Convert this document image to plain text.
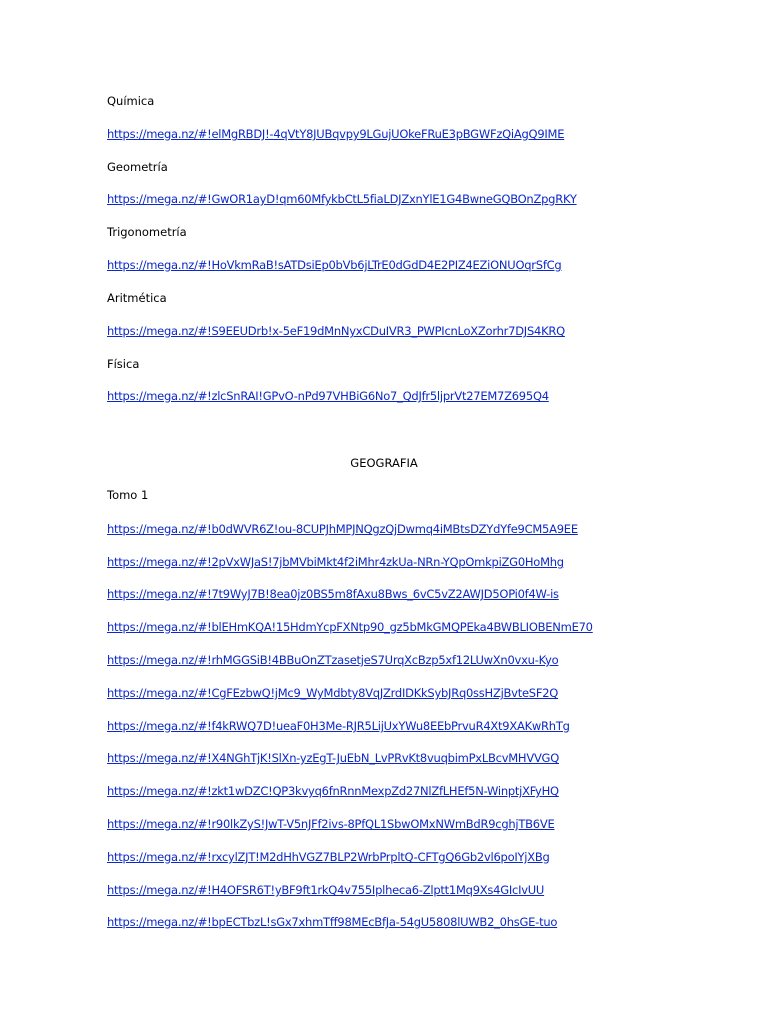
Química
https://mega.nz/#!elMgRBDJ!-4qVtY8JUBqvpy9LGujUOkeFRuE3pBGWFzQiAgQ9IME
Geometría
https://mega.nz/#!GwOR1ayD!qm60MfykbCtL5fiaLDJZxnYlE1G4BwneGQBOnZpgRKY
Trigonometría
https://mega.nz/#!HoVkmRaB!sATDsiEp0bVb6jLTrE0dGdD4E2PIZ4EZiONUOqrSfCg
Aritmética
https://mega.nz/#!S9EEUDrb!x-5eF19dMnNyxCDuIVR3_PWPIcnLoXZorhr7DJS4KRQ
Física
https://mega.nz/#!zlcSnRAI!GPvO-nPd97VHBiG6No7_QdJfr5ljprVt27EM7Z695Q4
GEOGRAFIA
Tomo 1
https://mega.nz/#!b0dWVR6Z!ou-8CUPJhMPJNQgzQjDwmq4iMBtsDZYdYfe9CM5A9EE
https://mega.nz/#!2pVxWJaS!7jbMVbiMkt4f2iMhr4zkUa-NRn-YQpOmkpiZG0HoMhg
https://mega.nz/#!7t9WyJ7B!8ea0jz0BS5m8fAxu8Bws_6vC5vZ2AWJD5OPi0f4W-is
https://mega.nz/#!blEHmKQA!15HdmYcpFXNtp90_gz5bMkGMQPEka4BWBLIOBENmE70
https://mega.nz/#!rhMGGSiB!4BBuOnZTzasetjeS7UrqXcBzp5xf12LUwXn0vxu-Kyo
https://mega.nz/#!CgFEzbwQ!jMc9_WyMdbty8VqJZrdIDKkSybJRq0ssHZjBvteSF2Q
https://mega.nz/#!f4kRWQ7D!ueaF0H3Me-RJR5LijUxYWu8EEbPrvuR4Xt9XAKwRhTg
https://mega.nz/#!X4NGhTjK!SlXn-yzEgT-JuEbN_LvPRvKt8vuqbimPxLBcvMHVVGQ
https://mega.nz/#!zkt1wDZC!QP3kvyq6fnRnnMexpZd27NlZfLHEf5N-WinptjXFyHQ
https://mega.nz/#!r90lkZyS!JwT-V5nJFf2ivs-8PfQL1SbwOMxNWmBdR9cghjTB6VE
https://mega.nz/#!rxcylZJT!M2dHhVGZ7BLP2WrbPrpltQ-CFTgQ6Gb2vl6poIYjXBg
https://mega.nz/#!H4OFSR6T!yBF9ft1rkQ4v755Iplheca6-Zlptt1Mq9Xs4GIcIvUU
https://mega.nz/#!bpECTbzL!sGx7xhmTff98MEcBfJa-54gU5808lUWB2_0hsGE-tuo
